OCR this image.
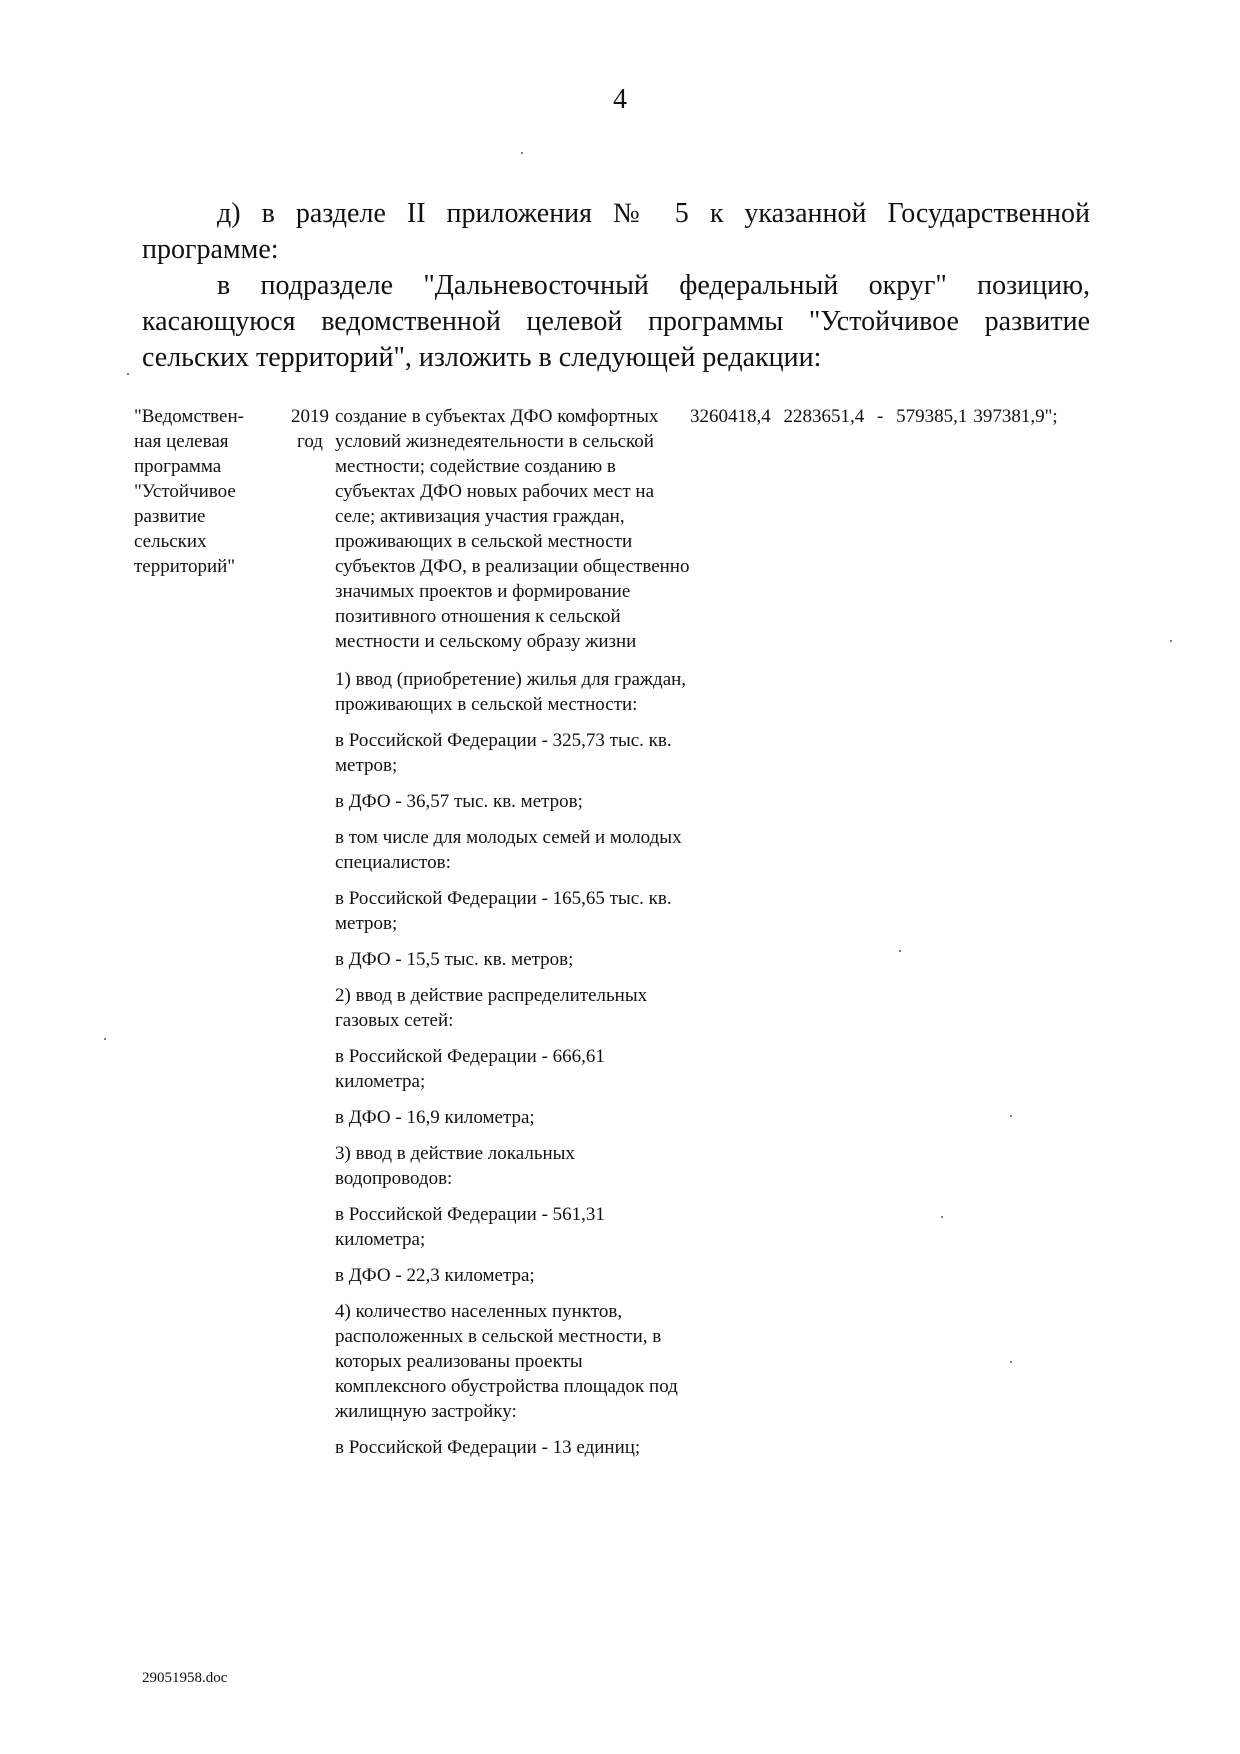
4

д) в разделе II приложения № 5 к указанной Государственной программе:

в подразделе "Дальневосточный федеральный округ" позицию, касающуюся ведомственной целевой программы "Устойчивое развитие сельских территорий", изложить в следующей редакции:

"Ведомствен-ная целевая программа "Устойчивое развитие сельских территорий"
2019 год

создание в субъектах ДФО комфортных условий жизнедеятельности в сельской местности; содействие созданию в субъектах ДФО новых рабочих мест на селе; активизация участия граждан, проживающих в сельской местности субъектов ДФО, в реализации общественно значимых проектов и формирование позитивного отношения к сельской местности и сельскому образу жизни

1) ввод (приобретение) жилья для граждан, проживающих в сельской местности:

в Российской Федерации - 325,73 тыс. кв. метров;

в ДФО - 36,57 тыс. кв. метров;

в том числе для молодых семей и молодых специалистов:

в Российской Федерации - 165,65 тыс. кв. метров;

в ДФО - 15,5 тыс. кв. метров;

2) ввод в действие распределительных газовых сетей:

в Российской Федерации - 666,61 километра;

в ДФО - 16,9 километра;

3) ввод в действие локальных водопроводов:

в Российской Федерации - 561,31 километра;

в ДФО - 22,3 километра;

4) количество населенных пунктов, расположенных в сельской местности, в которых реализованы проекты комплексного обустройства площадок под жилищную застройку:

в Российской Федерации - 13 единиц;

3260418,4 2283651,4 - 579385,1 397381,9";
29051958.doc
